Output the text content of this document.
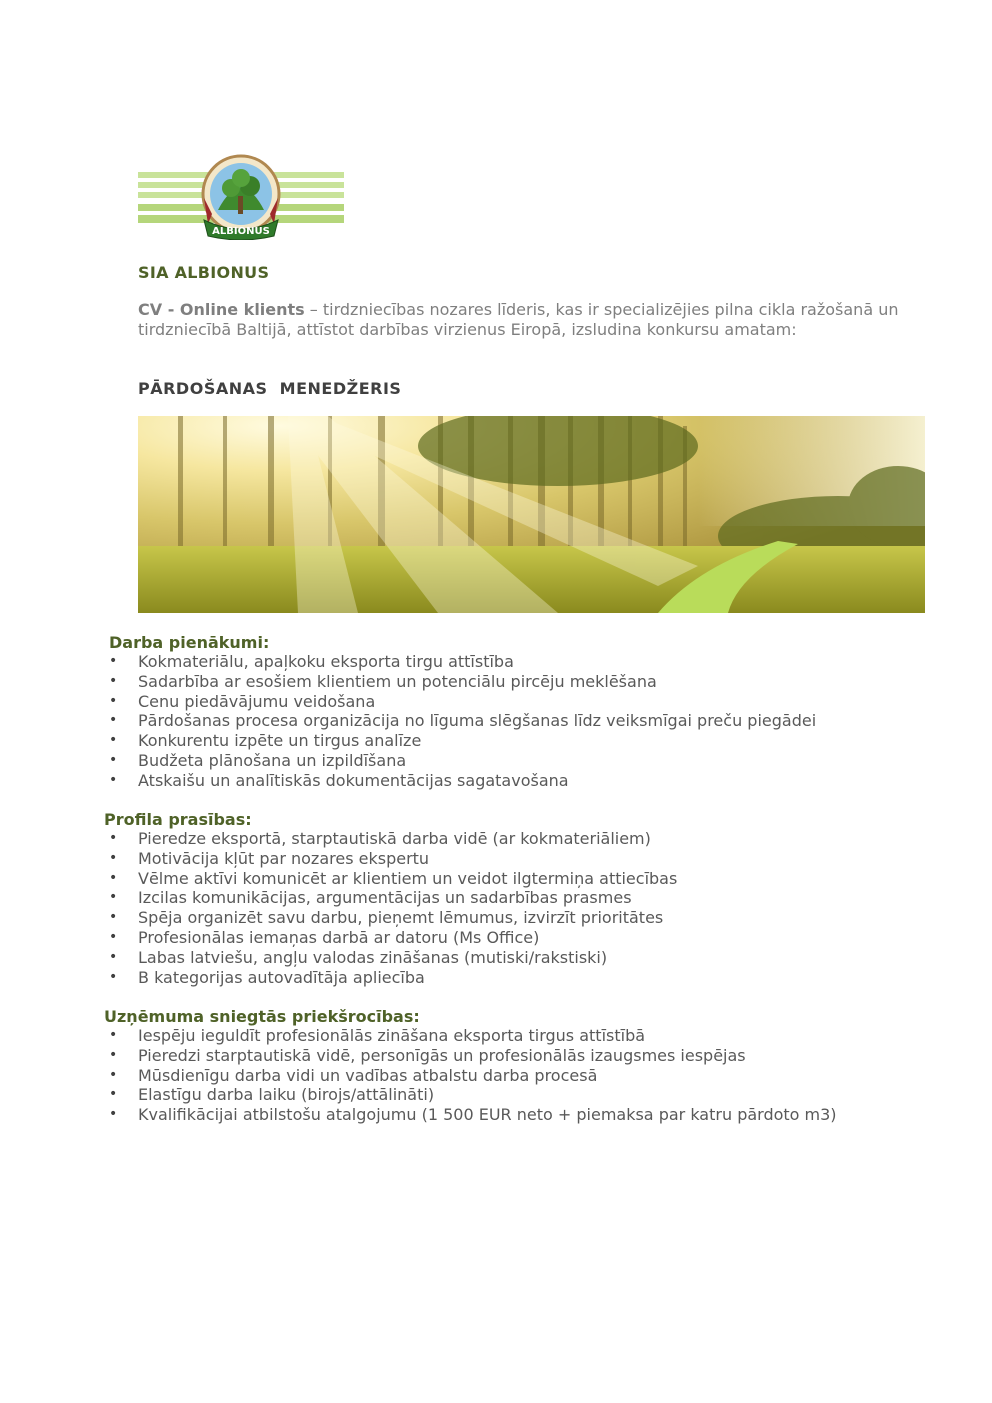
ALBIONUS
SIA ALBIONUS

CV - Online klients – tirdzniecības nozares līderis, kas ir specializējies pilna cikla ražošanā un tirdzniecībā Baltijā, attīstot darbības virzienus Eiropā, izsludina konkursu amatam:

PĀRDOŠANAS  MENEDŽERIS
Darba pienākumi:
• Kokmateriālu, apaļkoku eksporta tirgu attīstība
• Sadarbība ar esošiem klientiem un potenciālu pircēju meklēšana
• Cenu piedāvājumu veidošana
• Pārdošanas procesa organizācija no līguma slēgšanas līdz veiksmīgai preču piegādei
• Konkurentu izpēte un tirgus analīze
• Budžeta plānošana un izpildīšana
• Atskaišu un analītiskās dokumentācijas sagatavošana
Profila prasības:
• Pieredze eksportā, starptautiskā darba vidē (ar kokmateriāliem)
• Motivācija kļūt par nozares ekspertu
• Vēlme aktīvi komunicēt ar klientiem un veidot ilgtermiņa attiecības
• Izcilas komunikācijas, argumentācijas un sadarbības prasmes
• Spēja organizēt savu darbu, pieņemt lēmumus, izvirzīt prioritātes
• Profesionālas iemaņas darbā ar datoru (Ms Office)
• Labas latviešu, angļu valodas zināšanas (mutiski/rakstiski)
• B kategorijas autovadītāja apliecība
Uzņēmuma sniegtās priekšrocības:
• Iespēju ieguldīt profesionālās zināšana eksporta tirgus attīstībā
• Pieredzi starptautiskā vidē, personīgās un profesionālās izaugsmes iespējas
• Mūsdienīgu darba vidi un vadības atbalstu darba procesā
• Elastīgu darba laiku (birojs/attālināti)
• Kvalifikācijai atbilstošu atalgojumu (1 500 EUR neto + piemaksa par katru pārdoto m3)
